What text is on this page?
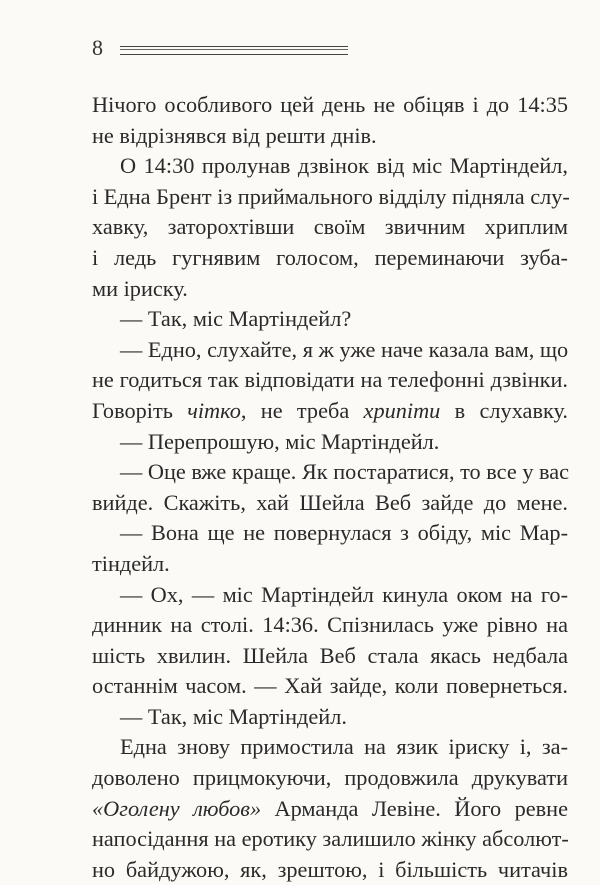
8
Нічого особливого цей день не обіцяв і до 14:35
не відрізнявся від решти днів.
О 14:30 пролунав дзвінок від міс Мартіндейл,
і Една Брент із приймального відділу підняла слу-
хавку, заторохтівши своїм звичним хриплим
і ледь гугнявим голосом, переминаючи зуба-
ми іриску.
— Так, міс Мартіндейл?
— Едно, слухайте, я ж уже наче казала вам, що
не годиться так відповідати на телефонні дзвінки.
Говоріть чітко, не треба хрипіти в слухавку.
— Перепрошую, міс Мартіндейл.
— Оце вже краще. Як постаратися, то все у вас
вийде. Скажіть, хай Шейла Веб зайде до мене.
— Вона ще не повернулася з обіду, міс Мар-
тіндейл.
— Ох, — міс Мартіндейл кинула оком на го-
динник на столі. 14:36. Спізнилась уже рівно на
шість хвилин. Шейла Веб стала якась недбала
останнім часом. — Хай зайде, коли повернеться.
— Так, міс Мартіндейл.
Една знову примостила на язик іриску і, за-
доволено прицмокуючи, продовжила друкувати
«Оголену любов» Арманда Левіне. Його ревне
напосідання на еротику залишило жінку абсолют-
но байдужою, як, зрештою, і більшість читачів
